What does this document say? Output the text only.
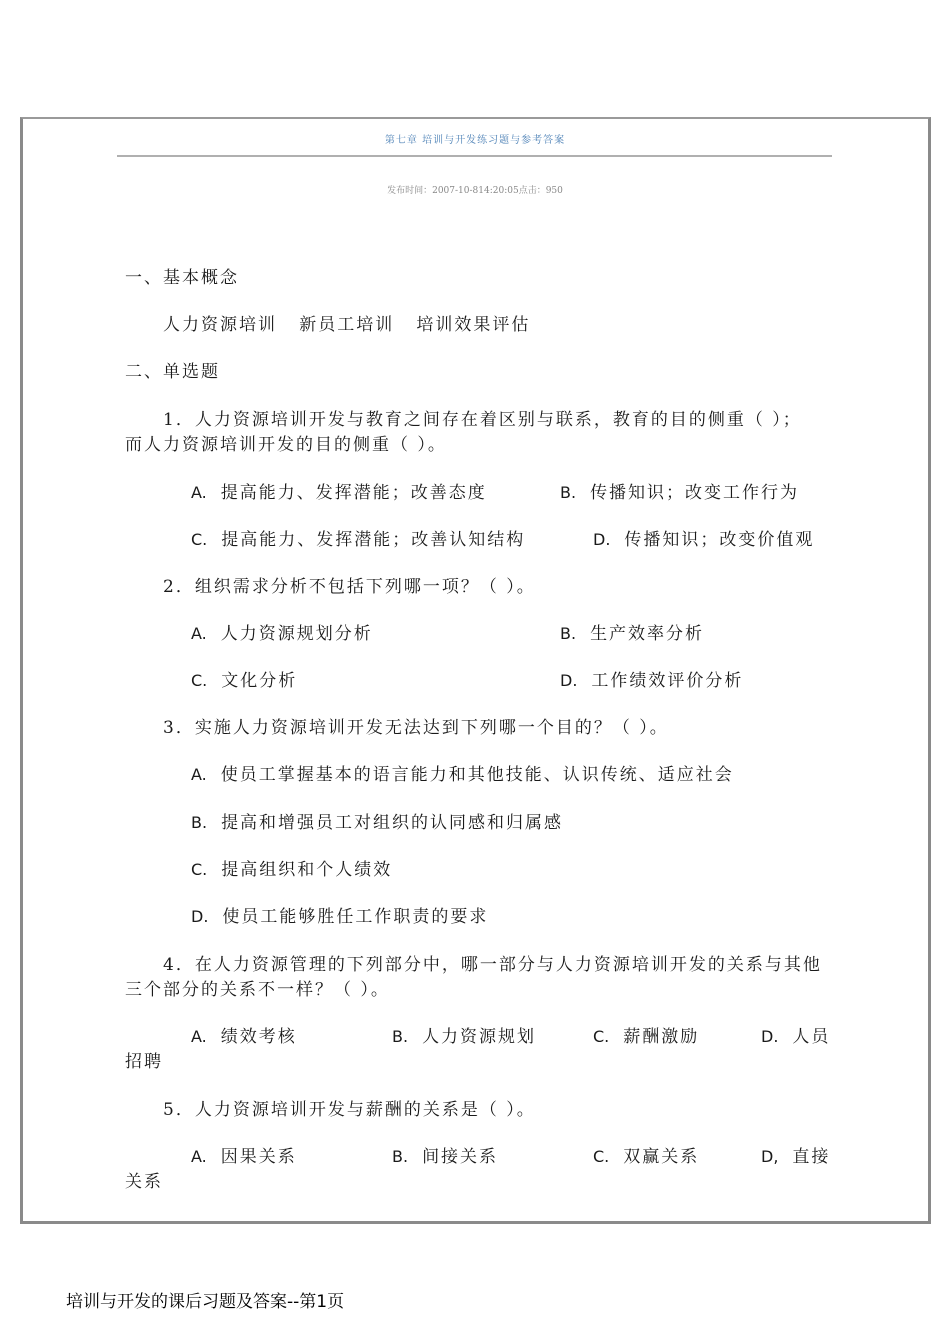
第七章 培训与开发练习题与参考答案
发布时间：2007-10-814:20:05点击：950
一、基本概念
人力资源培训   新员工培训   培训效果评估
二、单选题
1．人力资源培训开发与教育之间存在着区别与联系，教育的目的侧重（ ）；
而人力资源培训开发的目的侧重（ ）。
A. 提高能力、发挥潜能；改善态度	B. 传播知识；改变工作行为
C. 提高能力、发挥潜能；改善认知结构	D. 传播知识；改变价值观
2．组织需求分析不包括下列哪一项？（ ）。
A. 人力资源规划分析	B. 生产效率分析
C. 文化分析	D. 工作绩效评价分析
3．实施人力资源培训开发无法达到下列哪一个目的？（ ）。
A. 使员工掌握基本的语言能力和其他技能、认识传统、适应社会
B. 提高和增强员工对组织的认同感和归属感
C. 提高组织和个人绩效
D. 使员工能够胜任工作职责的要求
4．在人力资源管理的下列部分中，哪一部分与人力资源培训开发的关系与其他
三个部分的关系不一样？（ ）。
A. 绩效考核	B. 人力资源规划	C. 薪酬激励	D. 人员
招聘
5．人力资源培训开发与薪酬的关系是（ ）。
A. 因果关系	B. 间接关系	C. 双赢关系	D, 直接
关系
培训与开发的课后习题及答案--第1页
